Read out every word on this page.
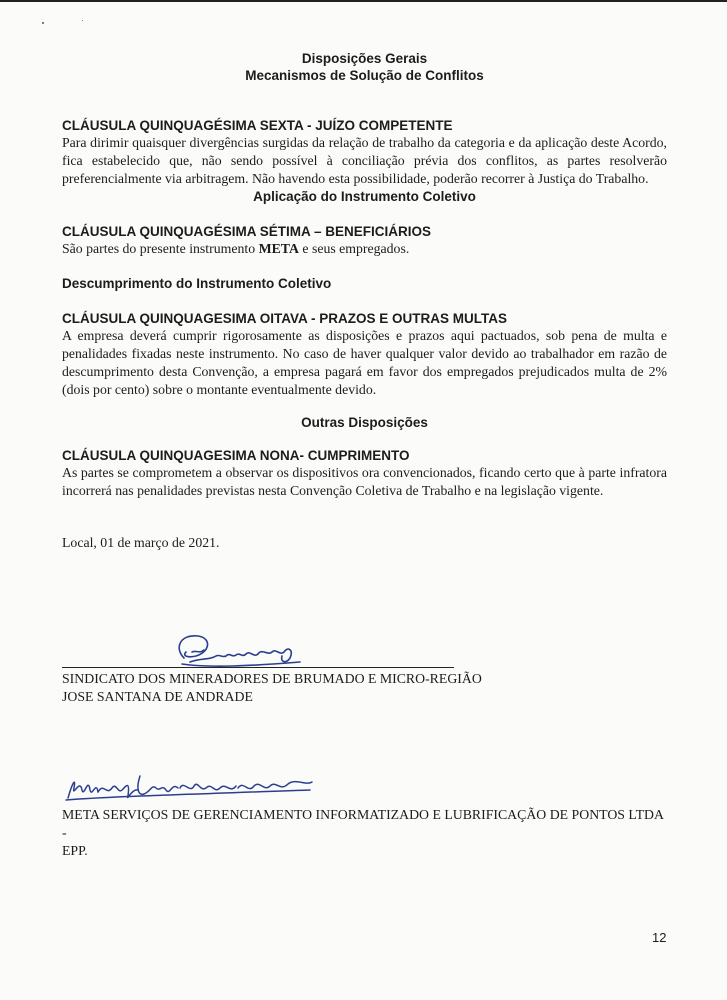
Disposições Gerais
Mecanismos de Solução de Conflitos
CLÁUSULA QUINQUAGÉSIMA SEXTA - JUÍZO COMPETENTE

Para dirimir quaisquer divergências surgidas da relação de trabalho da categoria e da aplicação deste Acordo, fica estabelecido que, não sendo possível à conciliação prévia dos conflitos, as partes resolverão preferencialmente via arbitragem. Não havendo esta possibilidade, poderão recorrer à Justiça do Trabalho.

Aplicação do Instrumento Coletivo
CLÁUSULA QUINQUAGÉSIMA SÉTIMA – BENEFICIÁRIOS

São partes do presente instrumento META e seus empregados.

Descumprimento do Instrumento Coletivo
CLÁUSULA QUINQUAGESIMA OITAVA - PRAZOS E OUTRAS MULTAS

A empresa deverá cumprir rigorosamente as disposições e prazos aqui pactuados, sob pena de multa e penalidades fixadas neste instrumento. No caso de haver qualquer valor devido ao trabalhador em razão de descumprimento desta Convenção, a empresa pagará em favor dos empregados prejudicados multa de 2% (dois por cento) sobre o montante eventualmente devido.

Outras Disposições
CLÁUSULA QUINQUAGESIMA NONA- CUMPRIMENTO

As partes se comprometem a observar os dispositivos ora convencionados, ficando certo que à parte infratora incorrerá nas penalidades previstas nesta Convenção Coletiva de Trabalho e na legislação vigente.

Local, 01 de março de 2021.

SINDICATO DOS MINERADORES DE BRUMADO E MICRO-REGIÃO
JOSE SANTANA DE ANDRADE
META SERVIÇOS DE GERENCIAMENTO INFORMATIZADO E LUBRIFICAÇÃO DE PONTOS LTDA -
EPP.
12
